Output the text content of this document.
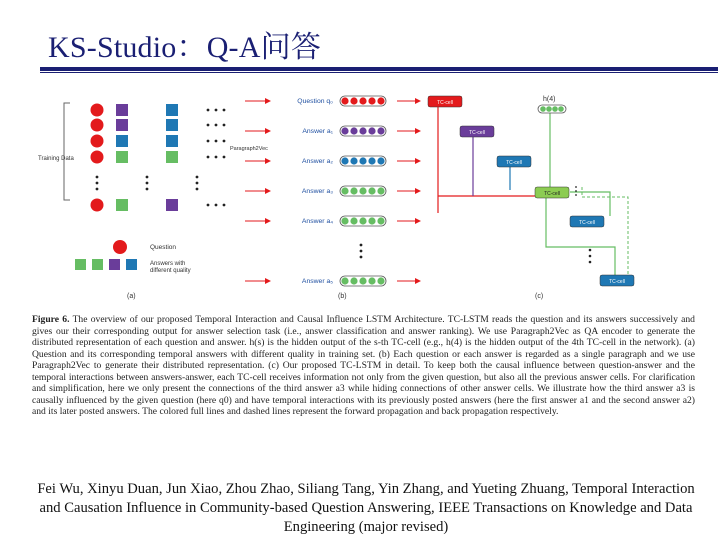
KS-Studio：Q-A问答
Training Data
Question
Answers with different quality
(a)
Paragraph2Vec
Question q₀
Answer a₁
Answer a₂
Answer a₃
Answer a₄
Answer a₅
(b)
h(4)
TC-cell
TC-cell
TC-cell
TC-cell
TC-cell
TC-cell
(c)
Figure 6. The overview of our proposed Temporal Interaction and Causal Influence LSTM Architecture. TC-LSTM reads the question and its answers successively and gives our their corresponding output for answer selection task (i.e., answer classification and answer ranking). We use Paragraph2Vec as QA encoder to generate the distributed representation of each question and answer. h(s) is the hidden output of the s-th TC-cell (e.g., h(4) is the hidden output of the 4th TC-cell in the network). (a) Question and its corresponding temporal answers with different quality in training set. (b) Each question or each answer is regarded as a single paragraph and we use Paragraph2Vec to generate their distributed representation. (c) Our proposed TC-LSTM in detail. To keep both the causal influence between question-answer and the temporal interactions between answers-answer, each TC-cell receives information not only from the given question, but also all the previous answer cells. For clarification and simplification, here we only present the connections of the third answer a3 while hiding connections of other answer cells. We illustrate how the third answer a3 is causally influenced by the given question (here q0) and have temporal interactions with its previously posted answers (here the first answer a1 and the second answer a2) and its later posted answers. The colored full lines and dashed lines represent the forward propagation and back propagation respectively.
Fei Wu, Xinyu Duan, Jun Xiao, Zhou Zhao, Siliang Tang, Yin Zhang, and Yueting Zhuang, Temporal Interaction and Causation Influence in Community-based Question Answering, IEEE Transactions on Knowledge and Data Engineering (major revised)
